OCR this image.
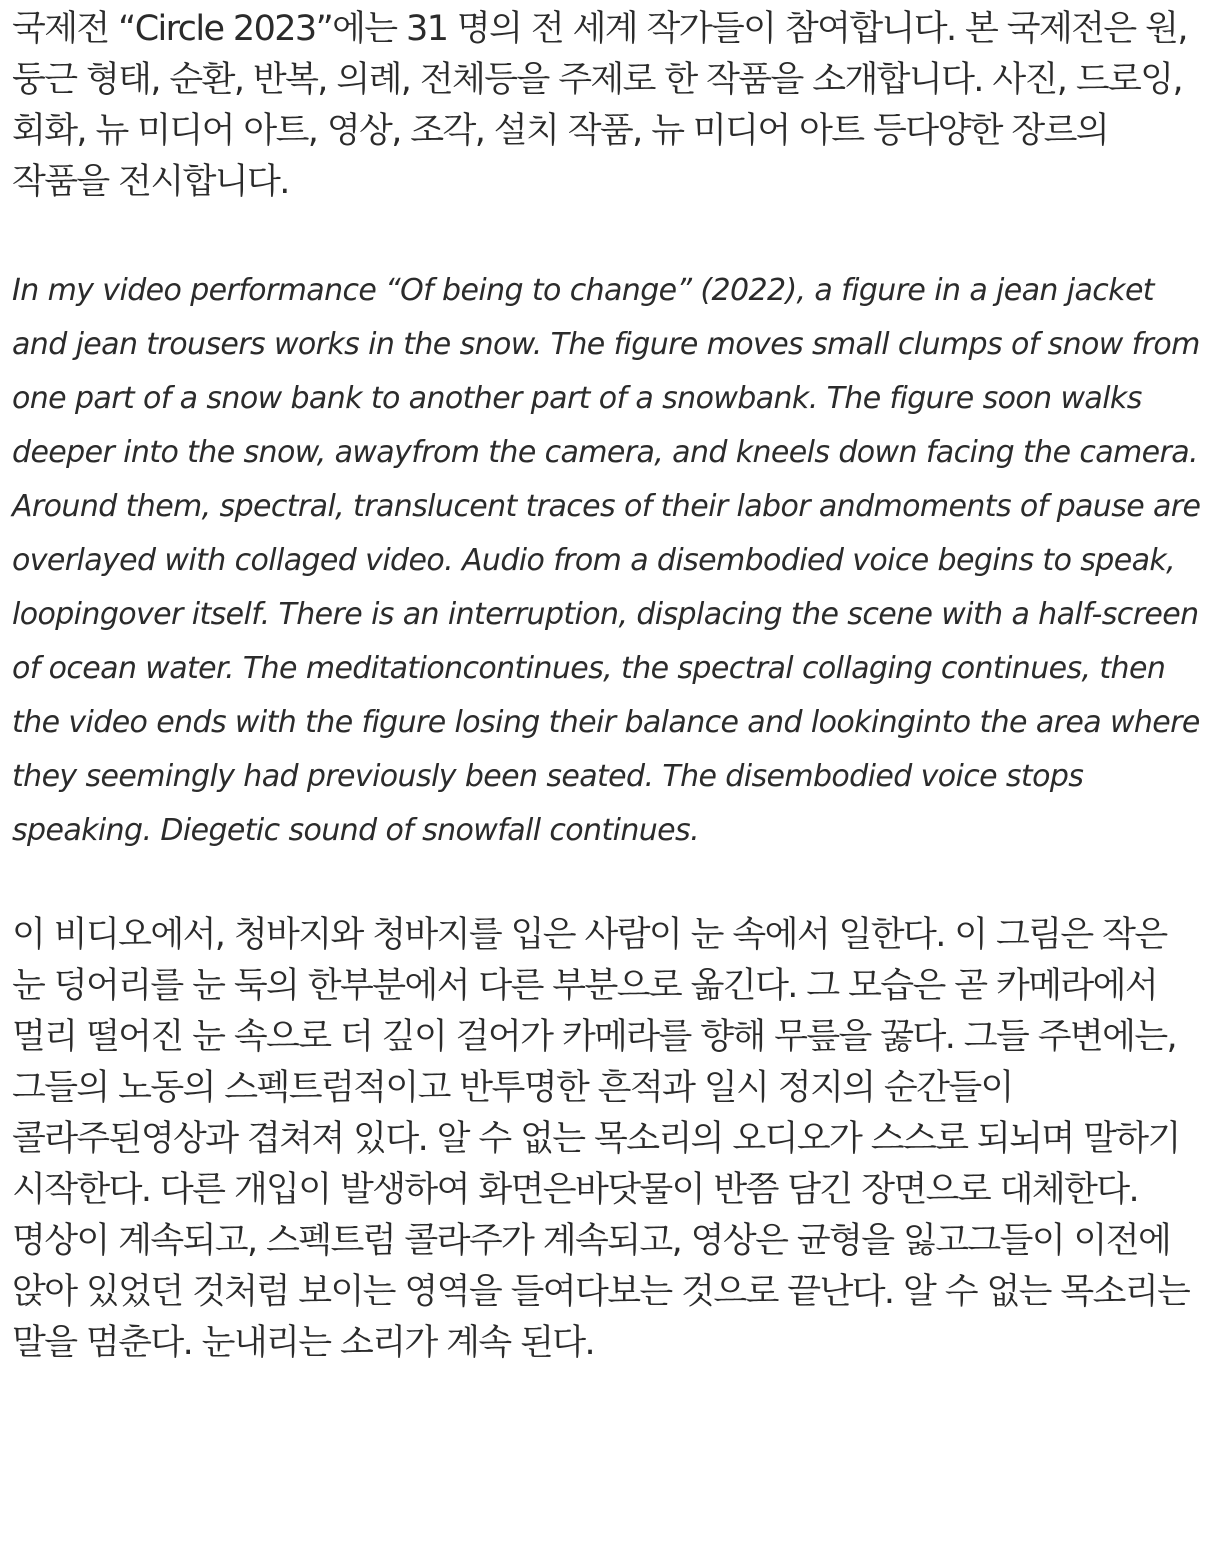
국제전 “Circle 2023”에는 31 명의 전 세계 작가들이 참여합니다. 본 국제전은 원, 둥근 형태, 순환, 반복, 의례, 전체등을 주제로 한 작품을 소개합니다. 사진, 드로잉, 회화, 뉴 미디어 아트, 영상, 조각, 설치 작품, 뉴 미디어 아트 등다양한 장르의 작품을 전시합니다.

In my video performance “Of being to change” (2022), a figure in a jean jacket and jean trousers works in the snow. The figure moves small clumps of snow from one part of a snow bank to another part of a snowbank. The figure soon walks deeper into the snow, awayfrom the camera, and kneels down facing the camera. Around them, spectral, translucent traces of their labor andmoments of pause are overlayed with collaged video. Audio from a disembodied voice begins to speak, loopingover itself. There is an interruption, displacing the scene with a half-screen of ocean water. The meditationcontinues, the spectral collaging continues, then the video ends with the figure losing their balance and lookinginto the area where they seemingly had previously been seated. The disembodied voice stops speaking. Diegetic sound of snowfall continues.

이 비디오에서, 청바지와 청바지를 입은 사람이 눈 속에서 일한다. 이 그림은 작은 눈 덩어리를 눈 둑의 한부분에서 다른 부분으로 옮긴다. 그 모습은 곧 카메라에서 멀리 떨어진 눈 속으로 더 깊이 걸어가 카메라를 향해 무릎을 꿇다. 그들 주변에는, 그들의 노동의 스펙트럼적이고 반투명한 흔적과 일시 정지의 순간들이 콜라주된영상과 겹쳐져 있다. 알 수 없는 목소리의 오디오가 스스로 되뇌며 말하기 시작한다. 다른 개입이 발생하여 화면은바닷물이 반쯤 담긴 장면으로 대체한다. 명상이 계속되고, 스펙트럼 콜라주가 계속되고, 영상은 균형을 잃고그들이 이전에 앉아 있었던 것처럼 보이는 영역을 들여다보는 것으로 끝난다. 알 수 없는 목소리는 말을 멈춘다. 눈내리는 소리가 계속 된다.
